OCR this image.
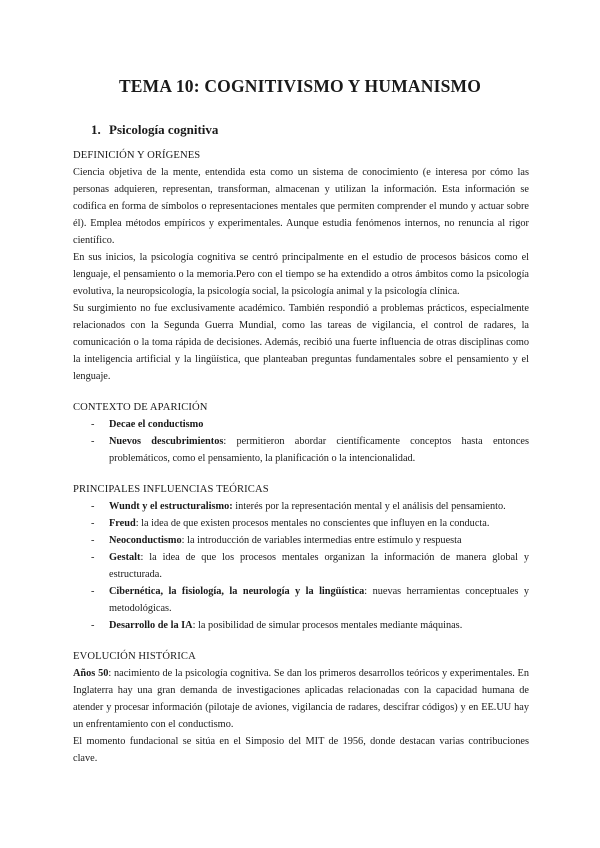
TEMA 10: COGNITIVISMO Y HUMANISMO
1. Psicología cognitiva

DEFINICIÓN Y ORÍGENES

Ciencia objetiva de la mente, entendida esta como un sistema de conocimiento (e interesa por cómo las personas adquieren, representan, transforman, almacenan y utilizan la información. Esta información se codifica en forma de símbolos o representaciones mentales que permiten comprender el mundo y actuar sobre él). Emplea métodos empíricos y experimentales. Aunque estudia fenómenos internos, no renuncia al rigor científico.

En sus inicios, la psicología cognitiva se centró principalmente en el estudio de procesos básicos como el lenguaje, el pensamiento o la memoria.Pero con el tiempo se ha extendido a otros ámbitos como la psicología evolutiva, la neuropsicología, la psicología social, la psicología animal y la psicología clínica.

Su surgimiento no fue exclusivamente académico. También respondió a problemas prácticos, especialmente relacionados con la Segunda Guerra Mundial, como las tareas de vigilancia, el control de radares, la comunicación o la toma rápida de decisiones. Además, recibió una fuerte influencia de otras disciplinas como la inteligencia artificial y la lingüística, que planteaban preguntas fundamentales sobre el pensamiento y el lenguaje.

CONTEXTO DE APARICIÓN

- Decae el conductismo
- Nuevos descubrimientos: permitieron abordar científicamente conceptos hasta entonces problemáticos, como el pensamiento, la planificación o la intencionalidad.

PRINCIPALES INFLUENCIAS TEÓRICAS

- Wundt y el estructuralismo: interés por la representación mental y el análisis del pensamiento.
- Freud: la idea de que existen procesos mentales no conscientes que influyen en la conducta.
- Neoconductismo: la introducción de variables intermedias entre estímulo y respuesta
- Gestalt: la idea de que los procesos mentales organizan la información de manera global y estructurada.
- Cibernética, la fisiología, la neurología y la lingüística: nuevas herramientas conceptuales y metodológicas.
- Desarrollo de la IA: la posibilidad de simular procesos mentales mediante máquinas.

EVOLUCIÓN HISTÓRICA

Años 50: nacimiento de la psicología cognitiva. Se dan los primeros desarrollos teóricos y experimentales. En Inglaterra hay una gran demanda de investigaciones aplicadas relacionadas con la capacidad humana de atender y procesar información (pilotaje de aviones, vigilancia de radares, descifrar códigos) y en EE.UU hay un enfrentamiento con el conductismo.

El momento fundacional se sitúa en el Simposio del MIT de 1956, donde destacan varias contribuciones clave.
